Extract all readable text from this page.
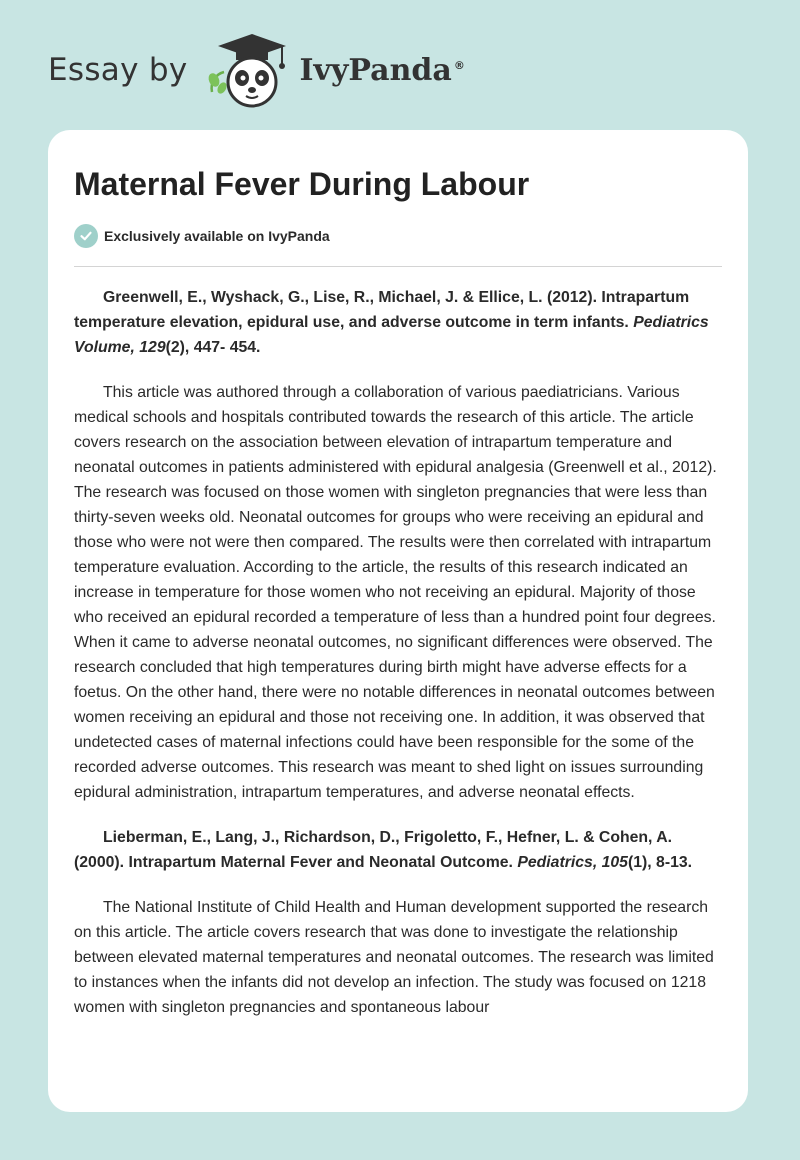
Essay by	IvyPanda ®
Maternal Fever During Labour
Exclusively available on IvyPanda

Greenwell, E., Wyshack, G., Lise, R., Michael, J. & Ellice, L. (2012). Intrapartum temperature elevation, epidural use, and adverse outcome in term infants. Pediatrics Volume, 129(2), 447- 454.

This article was authored through a collaboration of various paediatricians. Various medical schools and hospitals contributed towards the research of this article. The article covers research on the association between elevation of intrapartum temperature and neonatal outcomes in patients administered with epidural analgesia (Greenwell et al., 2012). The research was focused on those women with singleton pregnancies that were less than thirty-seven weeks old. Neonatal outcomes for groups who were receiving an epidural and those who were not were then compared. The results were then correlated with intrapartum temperature evaluation. According to the article, the results of this research indicated an increase in temperature for those women who not receiving an epidural. Majority of those who received an epidural recorded a temperature of less than a hundred point four degrees. When it came to adverse neonatal outcomes, no significant differences were observed. The research concluded that high temperatures during birth might have adverse effects for a foetus. On the other hand, there were no notable differences in neonatal outcomes between women receiving an epidural and those not receiving one. In addition, it was observed that undetected cases of maternal infections could have been responsible for the some of the recorded adverse outcomes. This research was meant to shed light on issues surrounding epidural administration, intrapartum temperatures, and adverse neonatal effects.

Lieberman, E., Lang, J., Richardson, D., Frigoletto, F., Hefner, L. & Cohen, A. (2000). Intrapartum Maternal Fever and Neonatal Outcome. Pediatrics, 105(1), 8-13.

The National Institute of Child Health and Human development supported the research on this article. The article covers research that was done to investigate the relationship between elevated maternal temperatures and neonatal outcomes. The research was limited to instances when the infants did not develop an infection. The study was focused on 1218 women with singleton pregnancies and spontaneous labour
